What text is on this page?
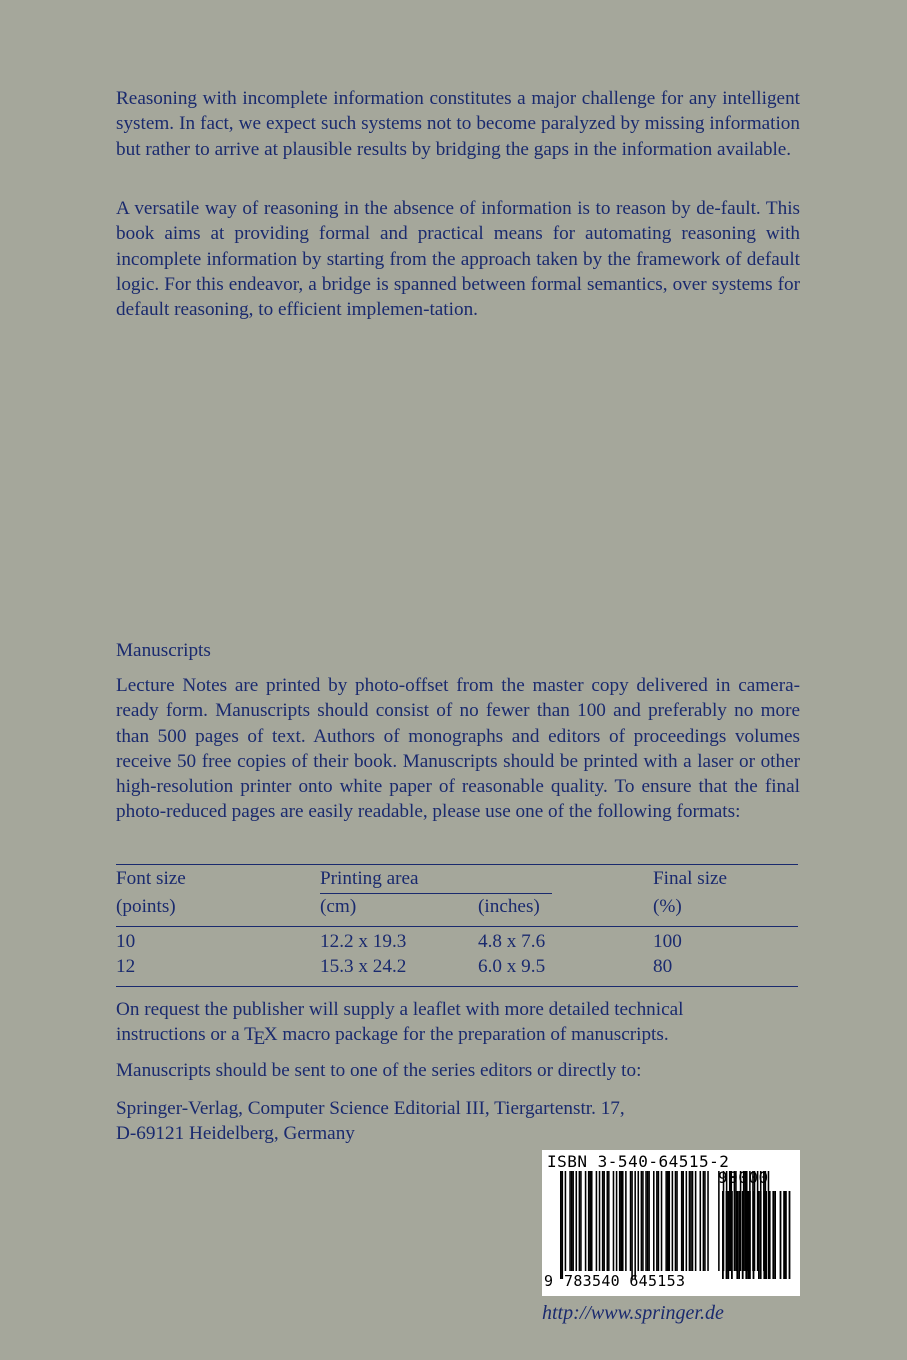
Reasoning with incomplete information constitutes a major challenge for any intelligent system. In fact, we expect such systems not to become paralyzed by missing information but rather to arrive at plausible results by bridging the gaps in the information available.

A versatile way of reasoning in the absence of information is to reason by de-fault. This book aims at providing formal and practical means for automating reasoning with incomplete information by starting from the approach taken by the framework of default logic. For this endeavor, a bridge is spanned between formal semantics, over systems for default reasoning, to efficient implemen-tation.

Manuscripts

Lecture Notes are printed by photo-offset from the master copy delivered in camera-ready form. Manuscripts should consist of no fewer than 100 and preferably no more than 500 pages of text. Authors of monographs and editors of proceedings volumes receive 50 free copies of their book. Manuscripts should be printed with a laser or other high-resolution printer onto white paper of reasonable quality. To ensure that the final photo-reduced pages are easily readable, please use one of the following formats:

Font size	Printing area	Final size
(points)	(cm)	(inches)	(%)
10	12.2 x 19.3	4.8 x 7.6	100
12	15.3 x 24.2	6.0 x 9.5	80
On request the publisher will supply a leaflet with more detailed technical
instructions or a TEX macro package for the preparation of manuscripts.
Manuscripts should be sent to one of the series editors or directly to:
Springer-Verlag, Computer Science Editorial III, Tiergartenstr. 17,
D-69121 Heidelberg, Germany
ISBN 3-540-64515-2
90000
9 783540 645153
http://www.springer.de
